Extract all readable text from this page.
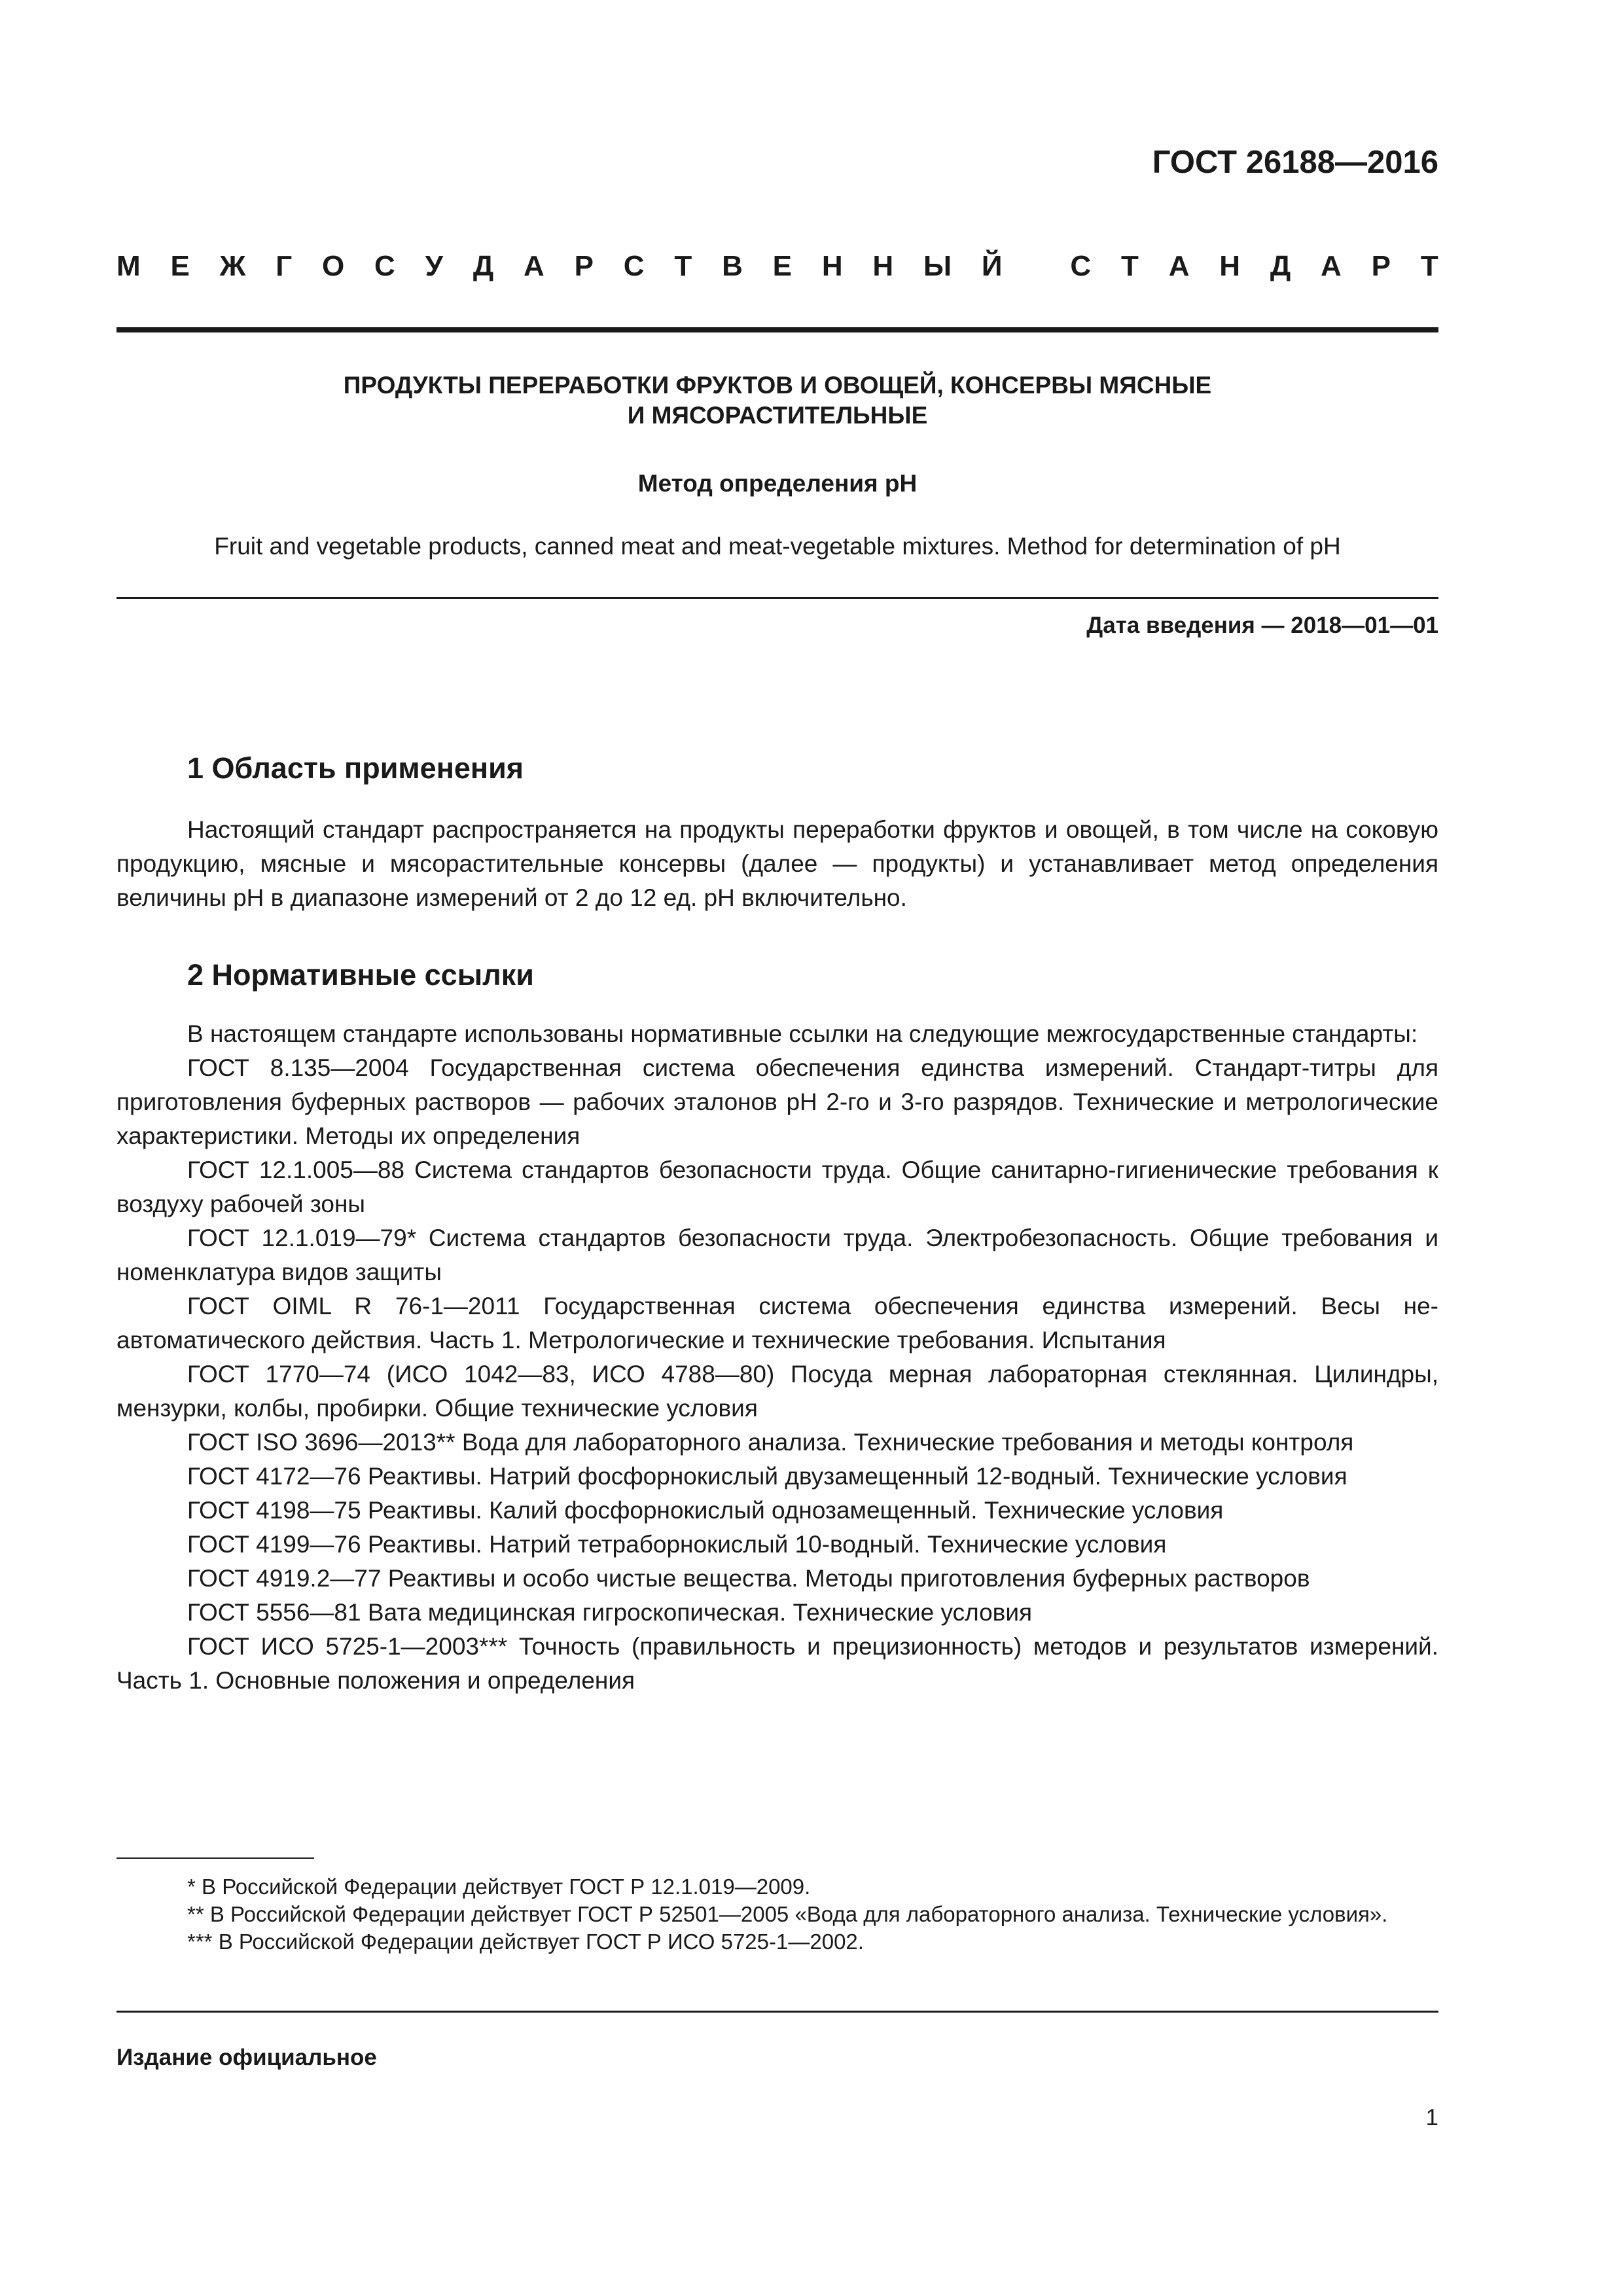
ГОСТ 26188—2016
М Е Ж Г О С У Д А Р С Т В Е Н Н Ы Й
С Т А Н Д А Р Т
ПРОДУКТЫ ПЕРЕРАБОТКИ ФРУКТОВ И ОВОЩЕЙ, КОНСЕРВЫ МЯСНЫЕ
И МЯСОРАСТИТЕЛЬНЫЕ
Метод определения pH
Fruit and vegetable products, canned meat and meat-vegetable mixtures. Method for determination of pH
Дата введения — 2018—01—01
1 Область применения

Настоящий стандарт распространяется на продукты переработки фруктов и овощей, в том числе на соковую продукцию, мясные и мясорастительные консервы (далее — продукты) и устанавливает метод определения величины pH в диапазоне измерений от 2 до 12 ед. pH включительно.

2 Нормативные ссылки

В настоящем стандарте использованы нормативные ссылки на следующие межгосударственные стандарты:

ГОСТ 8.135—2004 Государственная система обеспечения единства измерений. Стандарт-титры для приготовления буферных растворов — рабочих эталонов pH 2-го и 3-го разрядов. Технические и метрологические характеристики. Методы их определения

ГОСТ 12.1.005—88 Система стандартов безопасности труда. Общие санитарно-гигиенические требования к воздуху рабочей зоны

ГОСТ 12.1.019—79* Система стандартов безопасности труда. Электробезопасность. Общие требования и номенклатура видов защиты

ГОСТ OIML R 76-1—2011 Государственная система обеспечения единства измерений. Весы неавтоматического действия. Часть 1. Метрологические и технические требования. Испытания

ГОСТ 1770—74 (ИСО 1042—83, ИСО 4788—80) Посуда мерная лабораторная стеклянная. Цилиндры, мензурки, колбы, пробирки. Общие технические условия

ГОСТ ISO 3696—2013** Вода для лабораторного анализа. Технические требования и методы контроля

ГОСТ 4172—76 Реактивы. Натрий фосфорнокислый двузамещенный 12-водный. Технические условия

ГОСТ 4198—75 Реактивы. Калий фосфорнокислый однозамещенный. Технические условия

ГОСТ 4199—76 Реактивы. Натрий тетраборнокислый 10-водный. Технические условия

ГОСТ 4919.2—77 Реактивы и особо чистые вещества. Методы приготовления буферных растворов

ГОСТ 5556—81 Вата медицинская гигроскопическая. Технические условия

ГОСТ ИСО 5725-1—2003*** Точность (правильность и прецизионность) методов и результатов измерений. Часть 1. Основные положения и определения

* В Российской Федерации действует ГОСТ Р 12.1.019—2009.

** В Российской Федерации действует ГОСТ Р 52501—2005 «Вода для лабораторного анализа. Технические условия».

*** В Российской Федерации действует ГОСТ Р ИСО 5725-1—2002.

Издание официальное
1
